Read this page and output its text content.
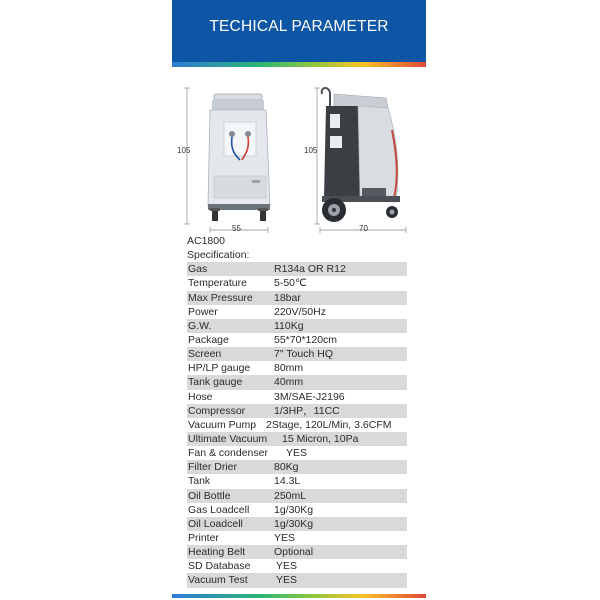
TECHICAL PARAMETER
105
55
105
70
AC1800
Specification:
Gas	R134a OR R12
Temperature	5-50℃
Max Pressure 18bar
Power	220V/50Hz
G.W.	110Kg
Package	55*70*120cm
Screen	7" Touch HQ
HP/LP gauge 80mm
Tank gauge	40mm
Hose	3M/SAE-J2196
Compressor	1/3HP，11CC
Vacuum Pump 2Stage, 120L/Min, 3.6CFM
Ultimate Vacuum 15 Micron, 10Pa
Fan & condenser YES
Filter Drier	80Kg
Tank	14.3L
Oil Bottle	250mL
Gas Loadcell 1g/30Kg
Oil Loadcell	1g/30Kg
Printer	YES
Heating Belt	Optional
SD Database YES
Vacuum Test	YES
